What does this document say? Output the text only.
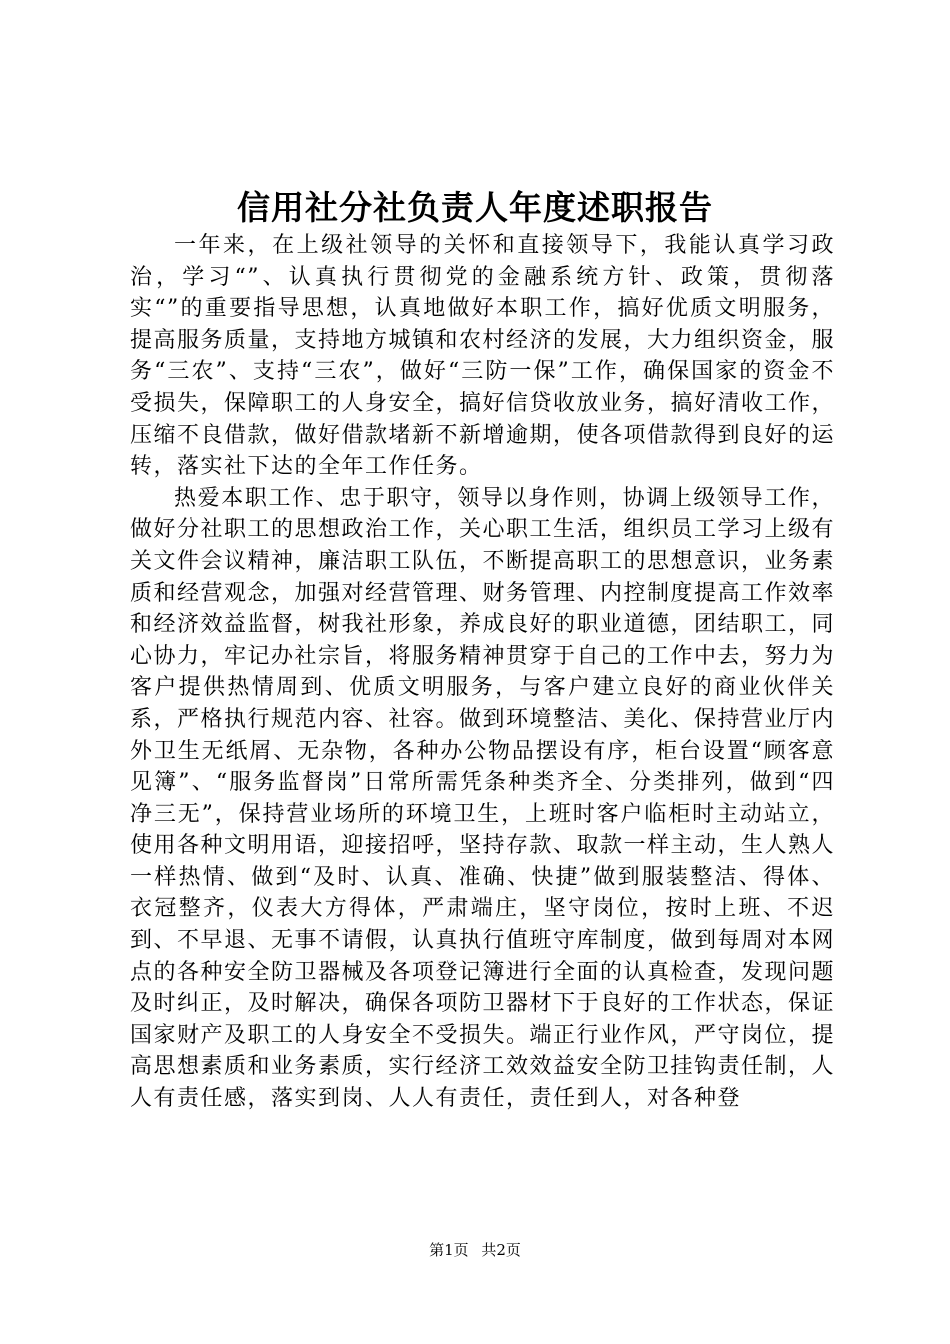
信用社分社负责人年度述职报告

一年来，在上级社领导的关怀和直接领导下，我能认真学习政治，学习“”、认真执行贯彻党的金融系统方针、政策，贯彻落实“”的重要指导思想，认真地做好本职工作，搞好优质文明服务，提高服务质量，支持地方城镇和农村经济的发展，大力组织资金，服务“三农”、支持“三农”，做好“三防一保”工作，确保国家的资金不受损失，保障职工的人身安全，搞好信贷收放业务，搞好清收工作，压缩不良借款，做好借款堵新不新增逾期，使各项借款得到良好的运转，落实社下达的全年工作任务。

热爱本职工作、忠于职守，领导以身作则，协调上级领导工作，做好分社职工的思想政治工作，关心职工生活，组织员工学习上级有关文件会议精神，廉洁职工队伍，不断提高职工的思想意识，业务素质和经营观念，加强对经营管理、财务管理、内控制度提高工作效率和经济效益监督，树我社形象，养成良好的职业道德，团结职工，同心协力，牢记办社宗旨，将服务精神贯穿于自己的工作中去，努力为客户提供热情周到、优质文明服务，与客户建立良好的商业伙伴关系，严格执行规范内容、社容。做到环境整洁、美化、保持营业厅内外卫生无纸屑、无杂物，各种办公物品摆设有序，柜台设置“顾客意见簿”、“服务监督岗”日常所需凭条种类齐全、分类排列，做到“四净三无”，保持营业场所的环境卫生，上班时客户临柜时主动站立，使用各种文明用语，迎接招呼，坚持存款、取款一样主动，生人熟人一样热情、做到“及时、认真、准确、快捷”做到服装整洁、得体、衣冠整齐，仪表大方得体，严肃端庄，坚守岗位，按时上班、不迟到、不早退、无事不请假，认真执行值班守库制度，做到每周对本网点的各种安全防卫器械及各项登记簿进行全面的认真检查，发现问题及时纠正，及时解决，确保各项防卫器材下于良好的工作状态，保证国家财产及职工的人身安全不受损失。端正行业作风，严守岗位，提高思想素质和业务素质，实行经济工效效益安全防卫挂钩责任制，人人有责任感，落实到岗、人人有责任，责任到人，对各种登

第1页 共2页
